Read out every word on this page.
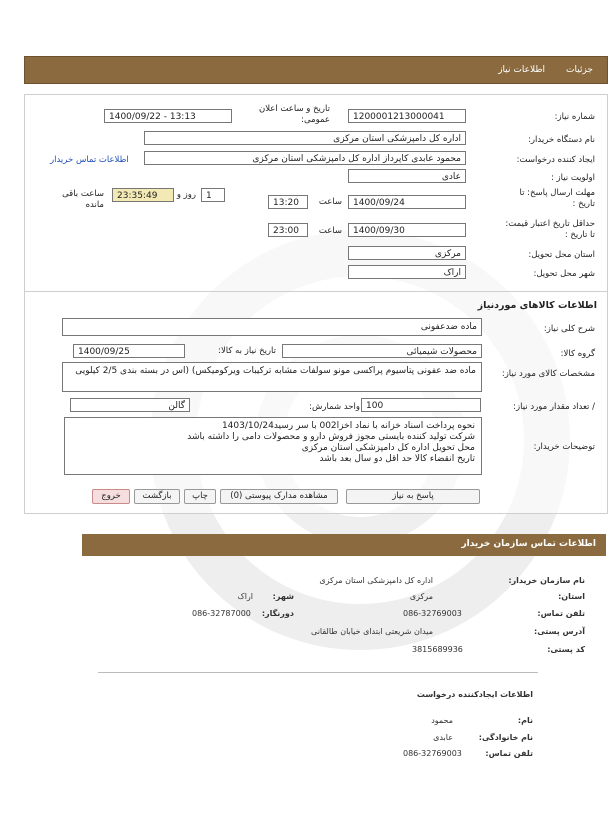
جزئیات
اطلاعات نیاز
شماره نیاز:
1200001213000041
تاریخ و ساعت اعلان عمومی:
1400/09/22 - 13:13
نام دستگاه خریدار:
اداره کل دامپزشکی استان مرکزی
ایجاد کننده درخواست:
محمود عابدی کاپرداز اداره کل دامپزشکی استان مرکزی
اطلاعات تماس خریدار
اولویت نیاز :
عادی
مهلت ارسال پاسخ: تا تاریخ :
1400/09/24
ساعت
13:20
1
روز و
23:35:49
ساعت باقی مانده
حداقل تاریخ اعتبار قیمت: تا تاریخ :
1400/09/30
ساعت
23:00
استان محل تحویل:
مرکزی
شهر محل تحویل:
اراک
اطلاعات کالاهای موردنیاز
شرح کلی نیاز:
ماده ضدعفونی
گروه کالا:
محصولات شیمیائی
تاریخ نیاز به کالا:
1400/09/25
مشخصات کالای مورد نیاز:
ماده ضد عفونی پتاسیوم پراکسی مونو سولفات مشابه ترکیبات ویرکومیکس) (اس در بسته بندی 2/5 کیلویی
/ تعداد مقدار مورد نیاز:
100
واحد شمارش:
گالن
توضیحات خریدار:
نحوه پرداخت اسناد خزانه با نماد اخزا002 با سر رسید1403/10/24
شرکت تولید کننده بایستی مجوز فروش دارو و محصولات دامی را داشته باشد
محل تحویل اداره کل دامپزشکی استان مرکزی
تاریخ انقضاء کالا حد اقل دو سال بعد باشد
پاسخ به نیاز
مشاهده مدارک پیوستی (0)
چاپ
بازگشت
خروج
اطلاعات تماس سازمان خریدار
نام سازمان خریدار:
اداره کل دامپزشکی استان مرکزی
استان:
مرکزی
شهر:
اراک
تلفن تماس:
086-32769003
دورنگار:
086-32787000
آدرس پستی:
میدان شریعتی ابتدای خیابان طالقانی
کد پستی:
3815689936
اطلاعات ایجادکننده درخواست
نام:
محمود
نام خانوادگی:
عابدی
تلفن تماس:
086-32769003
